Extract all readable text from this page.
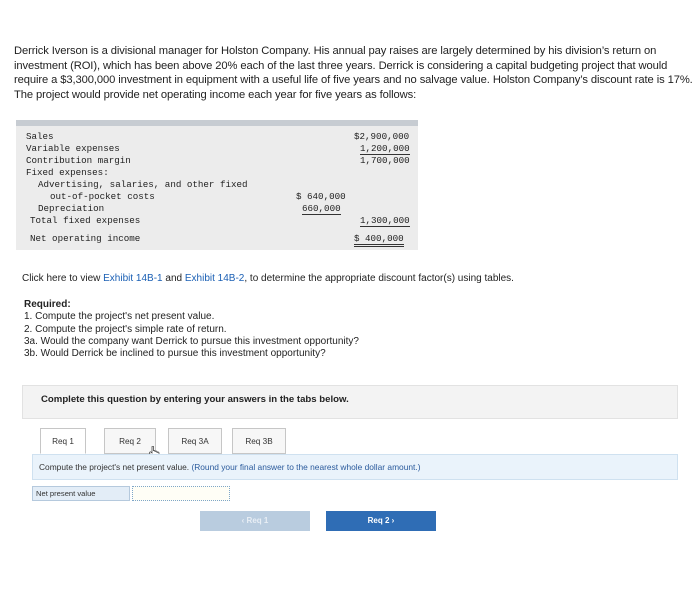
Derrick Iverson is a divisional manager for Holston Company. His annual pay raises are largely determined by his division’s return on investment (ROI), which has been above 20% each of the last three years. Derrick is considering a capital budgeting project that would require a $3,300,000 investment in equipment with a useful life of five years and no salvage value. Holston Company’s discount rate is 17%. The project would provide net operating income each year for five years as follows:
Sales	$2,900,000
Variable expenses	1,200,000
Contribution margin	1,700,000
Fixed expenses:
Advertising, salaries, and other fixed
out-of-pocket costs	$ 640,000
Depreciation	660,000
Total fixed expenses	1,300,000
Net operating income	$ 400,000
Click here to view Exhibit 14B-1 and Exhibit 14B-2, to determine the appropriate discount factor(s) using tables.
Required:
1. Compute the project's net present value.
2. Compute the project's simple rate of return.
3a. Would the company want Derrick to pursue this investment opportunity?
3b. Would Derrick be inclined to pursue this investment opportunity?
Complete this question by entering your answers in the tabs below.
Req 1	Req 2	Req 3A	Req 3B
Compute the project's net present value. (Round your final answer to the nearest whole dollar amount.)
Net present value
‹ Req 1	Req 2 ›
